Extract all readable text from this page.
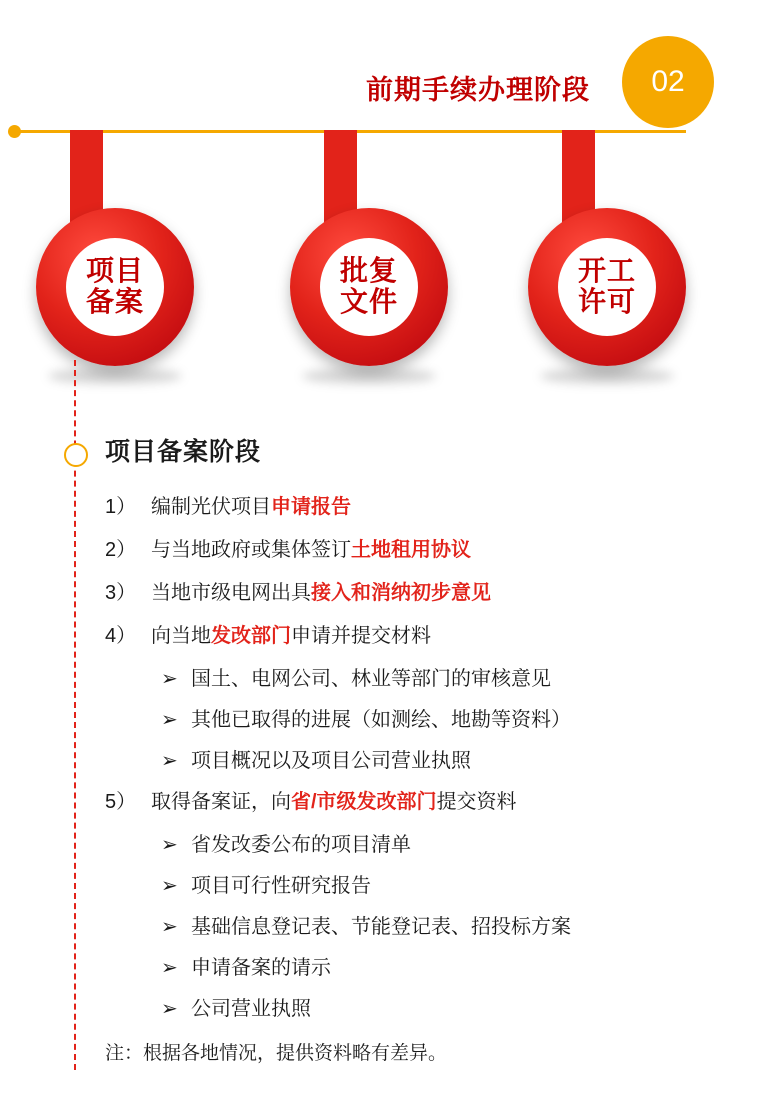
前期手续办理阶段	02
项目
备案
批复
文件
开工
许可
项目备案阶段
1） 编制光伏项目申请报告
2） 与当地政府或集体签订土地租用协议
3） 当地市级电网出具接入和消纳初步意见
4） 向当地发改部门申请并提交材料
➢ 国土、电网公司、林业等部门的审核意见
➢ 其他已取得的进展（如测绘、地勘等资料）
➢ 项目概况以及项目公司营业执照
5） 取得备案证，向省/市级发改部门提交资料
➢ 省发改委公布的项目清单
➢ 项目可行性研究报告
➢ 基础信息登记表、节能登记表、招投标方案
➢ 申请备案的请示
➢ 公司营业执照
注：根据各地情况，提供资料略有差异。
